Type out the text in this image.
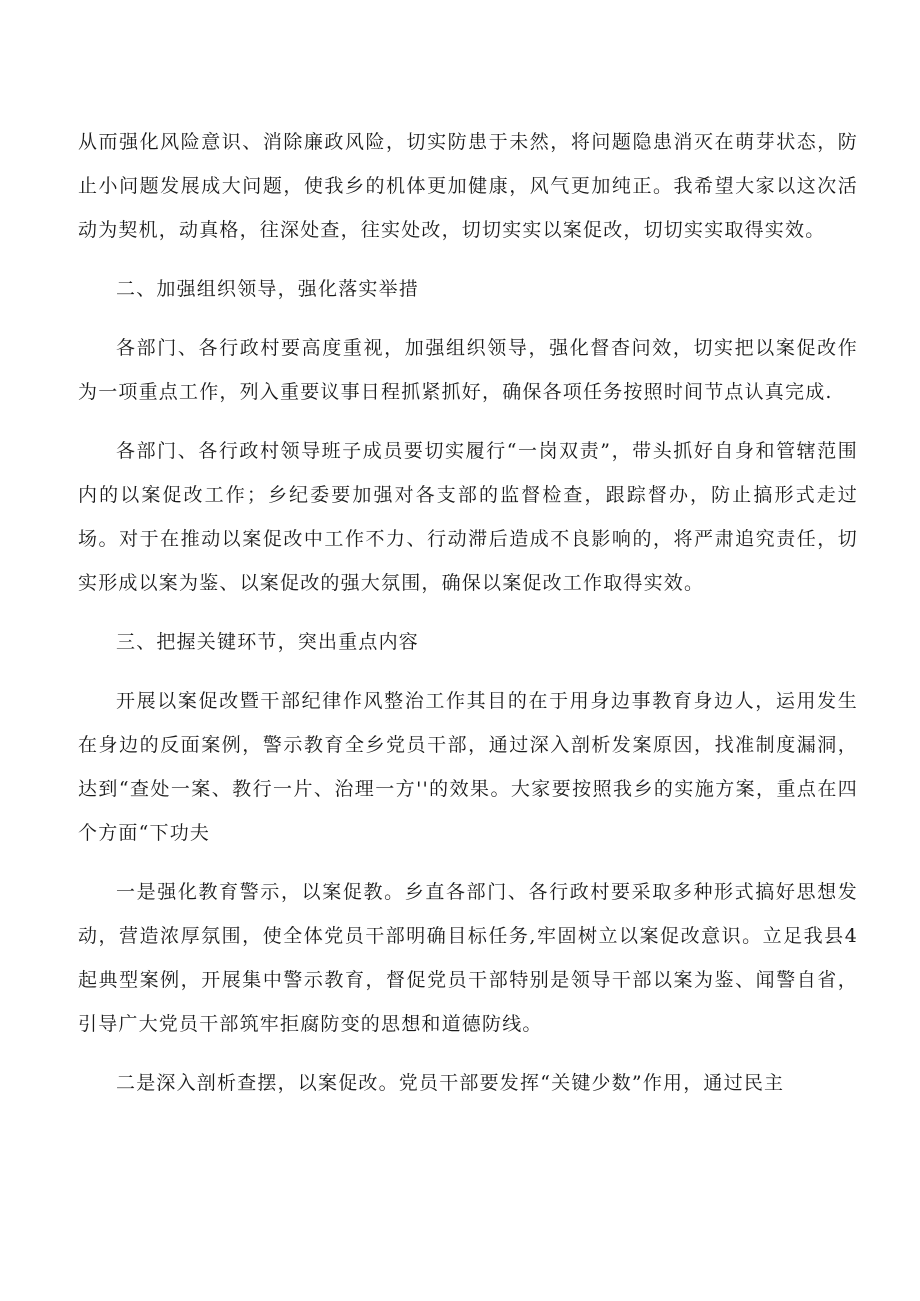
从而强化风险意识、消除廉政风险，切实防患于未然，将问题隐患消灭在萌芽状态，防止小问题发展成大问题，使我乡的机体更加健康，风气更加纯正。我希望大家以这次活动为契机，动真格，往深处查，往实处改，切切实实以案促改，切切实实取得实效。

二、加强组织领导，强化落实举措

各部门、各行政村要高度重视，加强组织领导，强化督杳问效，切实把以案促改作为一项重点工作，列入重要议事日程抓紧抓好，确保各项任务按照时间节点认真完成.

各部门、各行政村领导班子成员要切实履行“一岗双责”，带头抓好自身和管辖范围内的以案促改工作；乡纪委要加强对各支部的监督检查，跟踪督办，防止搞形式走过场。对于在推动以案促改中工作不力、行动滞后造成不良影响的，将严肃追究责任，切实形成以案为鉴、以案促改的强大氛围，确保以案促改工作取得实效。

三、把握关键环节，突出重点内容

开展以案促改暨干部纪律作风整治工作其目的在于用身边事教育身边人，运用发生在身边的反面案例，警示教育全乡党员干部，通过深入剖析发案原因，找准制度漏洞，达到“查处一案、教行一片、治理一方''的效果。大家要按照我乡的实施方案，重点在四个方面“下功夫

一是强化教育警示，以案促教。乡直各部门、各行政村要采取多种形式搞好思想发动，营造浓厚氛围，使全体党员干部明确目标任务,牢固树立以案促改意识。立足我县4起典型案例，开展集中警示教育，督促党员干部特别是领导干部以案为鉴、闻警自省，引导广大党员干部筑牢拒腐防变的思想和道德防线。

二是深入剖析查摆，以案促改。党员干部要发挥“关键少数”作用，通过民主
